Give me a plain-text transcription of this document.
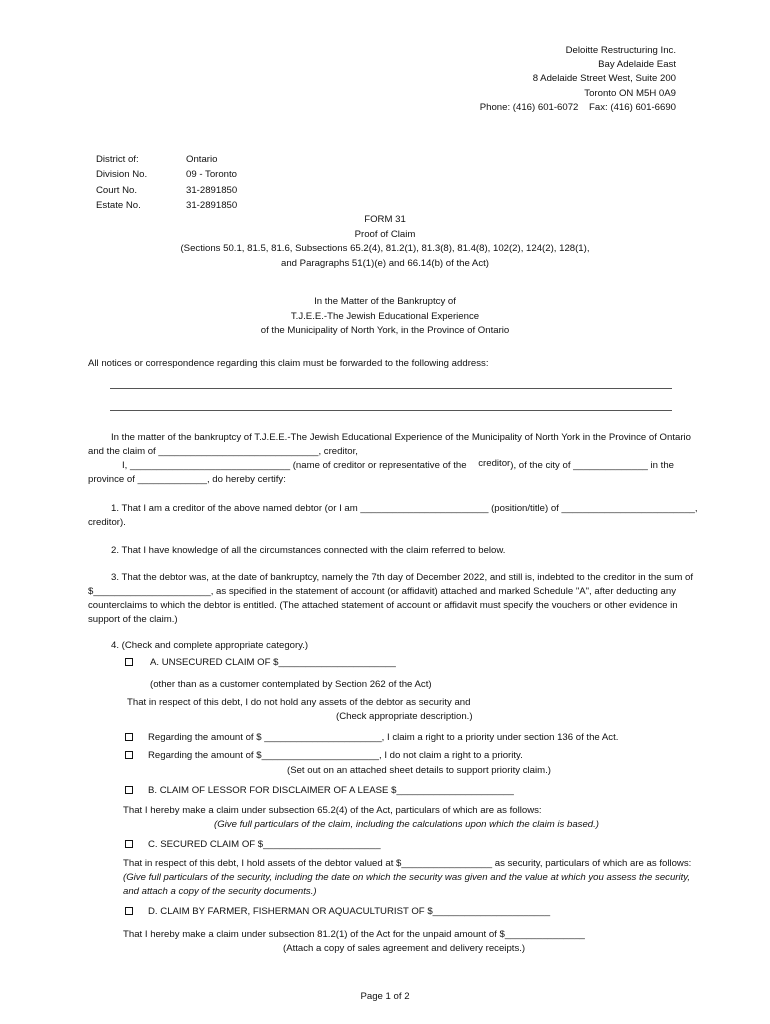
Deloitte Restructuring Inc.
Bay Adelaide East
8 Adelaide Street West, Suite 200
Toronto ON M5H 0A9
Phone: (416) 601-6072    Fax: (416) 601-6690
District of:
Division No.
Court No.
Estate No.
Ontario
09 - Toronto
31-2891850
31-2891850
FORM 31
Proof of Claim
(Sections 50.1, 81.5, 81.6, Subsections 65.2(4), 81.2(1), 81.3(8), 81.4(8), 102(2), 124(2), 128(1),
and Paragraphs 51(1)(e) and 66.14(b) of the Act)
In the Matter of the Bankruptcy of
T.J.E.E.-The Jewish Educational Experience
of the Municipality of North York, in the Province of Ontario
All notices or correspondence regarding this claim must be forwarded to the following address:
In the matter of the bankruptcy of T.J.E.E.-The Jewish Educational Experience of the Municipality of North York in the Province of Ontario
and the claim of ______________________________, creditor,
I, ______________________________ (name of creditor or representative of the creditor), of the city of ______________ in the
province of _____________, do hereby certify:
1. That I am a creditor of the above named debtor (or I am ________________________ (position/title) of _________________________,
creditor).
2. That I have knowledge of all the circumstances connected with the claim referred to below.
3. That the debtor was, at the date of bankruptcy, namely the 7th day of December 2022, and still is, indebted to the creditor in the sum of
$______________________, as specified in the statement of account (or affidavit) attached and marked Schedule "A", after deducting any
counterclaims to which the debtor is entitled. (The attached statement of account or affidavit must specify the vouchers or other evidence in
support of the claim.)
4. (Check and complete appropriate category.)
A. UNSECURED CLAIM OF $______________________
(other than as a customer contemplated by Section 262 of the Act)
That in respect of this debt, I do not hold any assets of the debtor as security and
(Check appropriate description.)
Regarding the amount of $ ______________________, I claim a right to a priority under section 136 of the Act.
Regarding the amount of $______________________, I do not claim a right to a priority.
(Set out on an attached sheet details to support priority claim.)
B. CLAIM OF LESSOR FOR DISCLAIMER OF A LEASE $______________________
That I hereby make a claim under subsection 65.2(4) of the Act, particulars of which are as follows:
(Give full particulars of the claim, including the calculations upon which the claim is based.)
C. SECURED CLAIM OF $______________________
That in respect of this debt, I hold assets of the debtor valued at $_________________ as security, particulars of which are as follows:
(Give full particulars of the security, including the date on which the security was given and the value at which you assess the security,
and attach a copy of the security documents.)
D. CLAIM BY FARMER, FISHERMAN OR AQUACULTURIST OF $______________________
That I hereby make a claim under subsection 81.2(1) of the Act for the unpaid amount of $_______________
(Attach a copy of sales agreement and delivery receipts.)
Page 1 of 2
